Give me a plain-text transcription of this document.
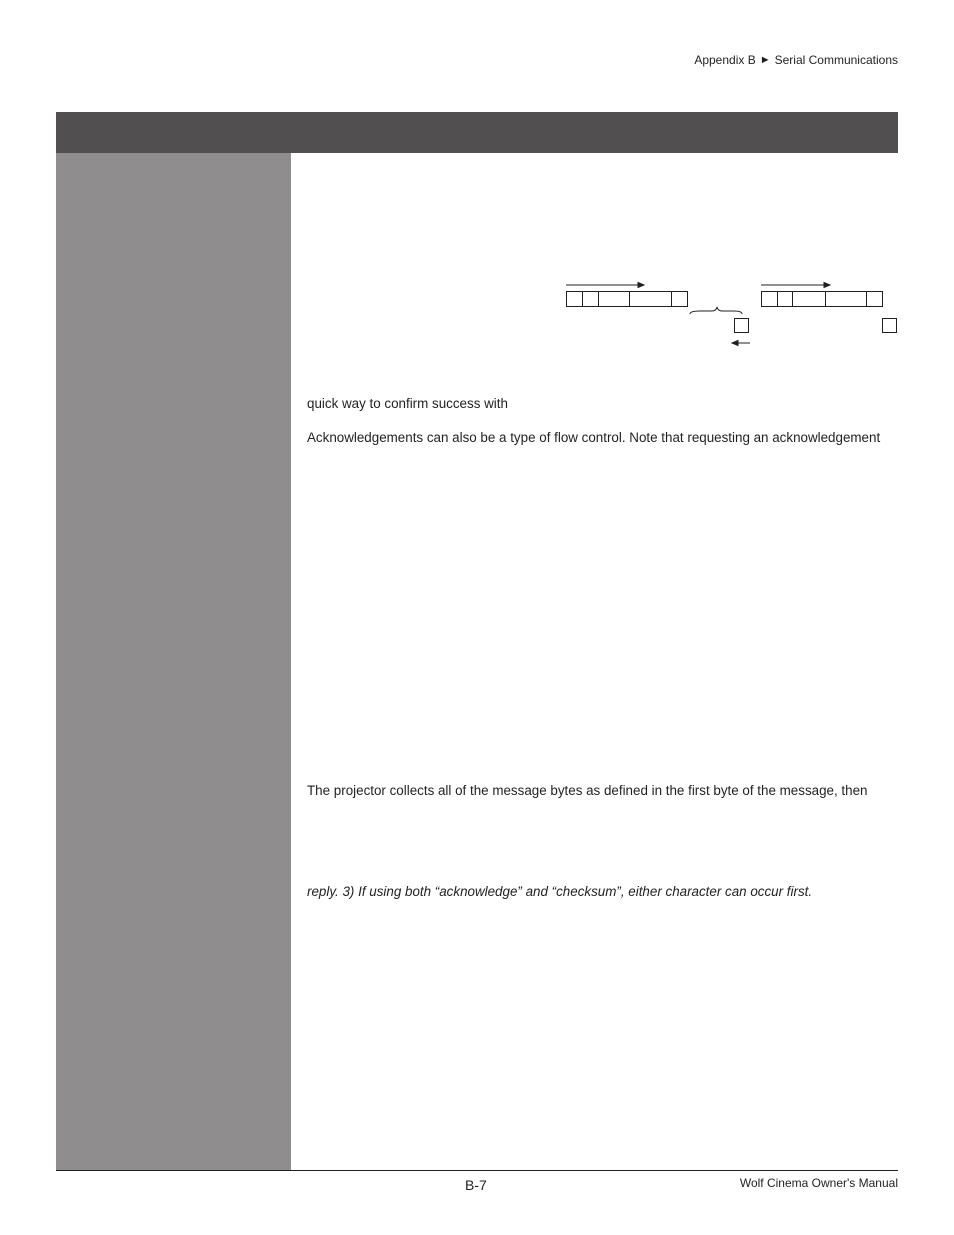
Appendix B ► Serial Communications

quick way to confirm success with

Acknowledgements can also be a type of flow control. Note that requesting an acknowledgement

The projector collects all of the message bytes as defined in the first byte of the message, then

reply. 3) If using both “acknowledge” and “checksum”, either character can occur first.

B-7	Wolf Cinema Owner's Manual
